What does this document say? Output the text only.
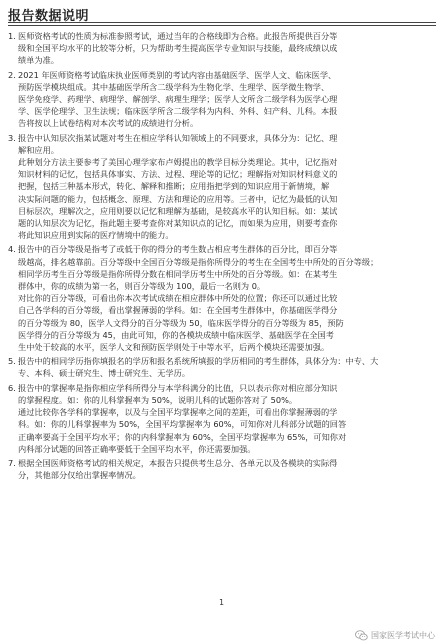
报告数据说明
1. 医师资格考试的性质为标准参照考试，通过当年的合格线即为合格。此报告所提供百分等
级和全国平均水平的比较等分析，只为帮助考生提高医学专业知识与技能，最终成绩以成
绩单为准。
2. 2021 年医师资格考试临床执业医师类别的考试内容由基础医学、医学人文、临床医学、
预防医学模块组成。其中基础医学所含二级学科为生物化学、生理学、医学微生物学、
医学免疫学、药理学、病理学、解剖学、病理生理学；医学人文所含二级学科为医学心理
学、医学伦理学、卫生法规；临床医学所含二级学科为内科、外科、妇产科、儿科。本报
告将按以上试卷结构对本次考试的成绩进行分析。
3. 报告中认知层次指某试题对考生在相应学科认知领域上的不同要求，具体分为：记忆、理
解和应用。
此种划分方法主要参考了美国心理学家布卢姆提出的教学目标分类理论。其中，记忆指对
知识材料的记忆，包括具体事实、方法、过程、理论等的记忆；理解指对知识材料意义的
把握，包括三种基本形式，转化、解释和推断；应用指把学到的知识应用于新情境，解
决实际问题的能力，包括概念、原理、方法和理论的应用等。三者中，记忆为最低的认知
目标层次，理解次之，应用则要以记忆和理解为基础，是较高水平的认知目标。如：某试
题的认知层次为记忆，指此题主要考查你对某知识点的记忆，而如果为应用，则要考查你
将此知识应用到实际的医疗情境中的能力。
4. 报告中的百分等级是指考了或低于你的得分的考生数占相应考生群体的百分比，即百分等
级越高，排名越靠前。百分等级中全国百分等级是指你所得分的考生在全国考生中所处的百分等级；
相同学历考生百分等级是指你所得分数在相同学历考生中所处的百分等级。如：在某考生
群体中，你的成绩为第一名，则百分等级为 100，最后一名则为 0。
对比你的百分等级，可看出你本次考试成绩在相应群体中所处的位置；你还可以通过比较
自己各学科的百分等级，看出掌握薄弱的学科。如：在全国考生群体中，你基础医学得分
的百分等级为 80，医学人文得分的百分等级为 50，临床医学得分的百分等级为 85，预防
医学得分的百分等级为 45，由此可知，你的各模块成绩中临床医学、基础医学在全国考
生中处于较高的水平，医学人文和预防医学则处于中等水平，后两个模块还需要加强。
5. 报告中的相同学历指你填报名的学历和报名系统所填报的学历相同的考生群体，具体分为：中专、大
专、本科、硕士研究生、博士研究生、无学历。
6. 报告中的掌握率是指你相应学科所得分与本学科满分的比值，只以表示你对相应部分知识
的掌握程度。如：你的儿科掌握率为 50%，说明儿科的试题你答对了 50%。
通过比较你各学科的掌握率，以及与全国平均掌握率之间的差距，可看出你掌握薄弱的学
科。如：你的儿科掌握率为 50%，全国平均掌握率为 60%，可知你对儿科部分试题的回答
正确率要高于全国平均水平；你的内科掌握率为 60%，全国平均掌握率为 65%，可知你对
内科部分试题的回答正确率要低于全国平均水平，你还需要加强。
7. 根据全国医师资格考试的相关规定，本报告只提供考生总分、各单元以及各模块的实际得
分，其他部分仅给出掌握率情况。
1
国家医学考试中心
